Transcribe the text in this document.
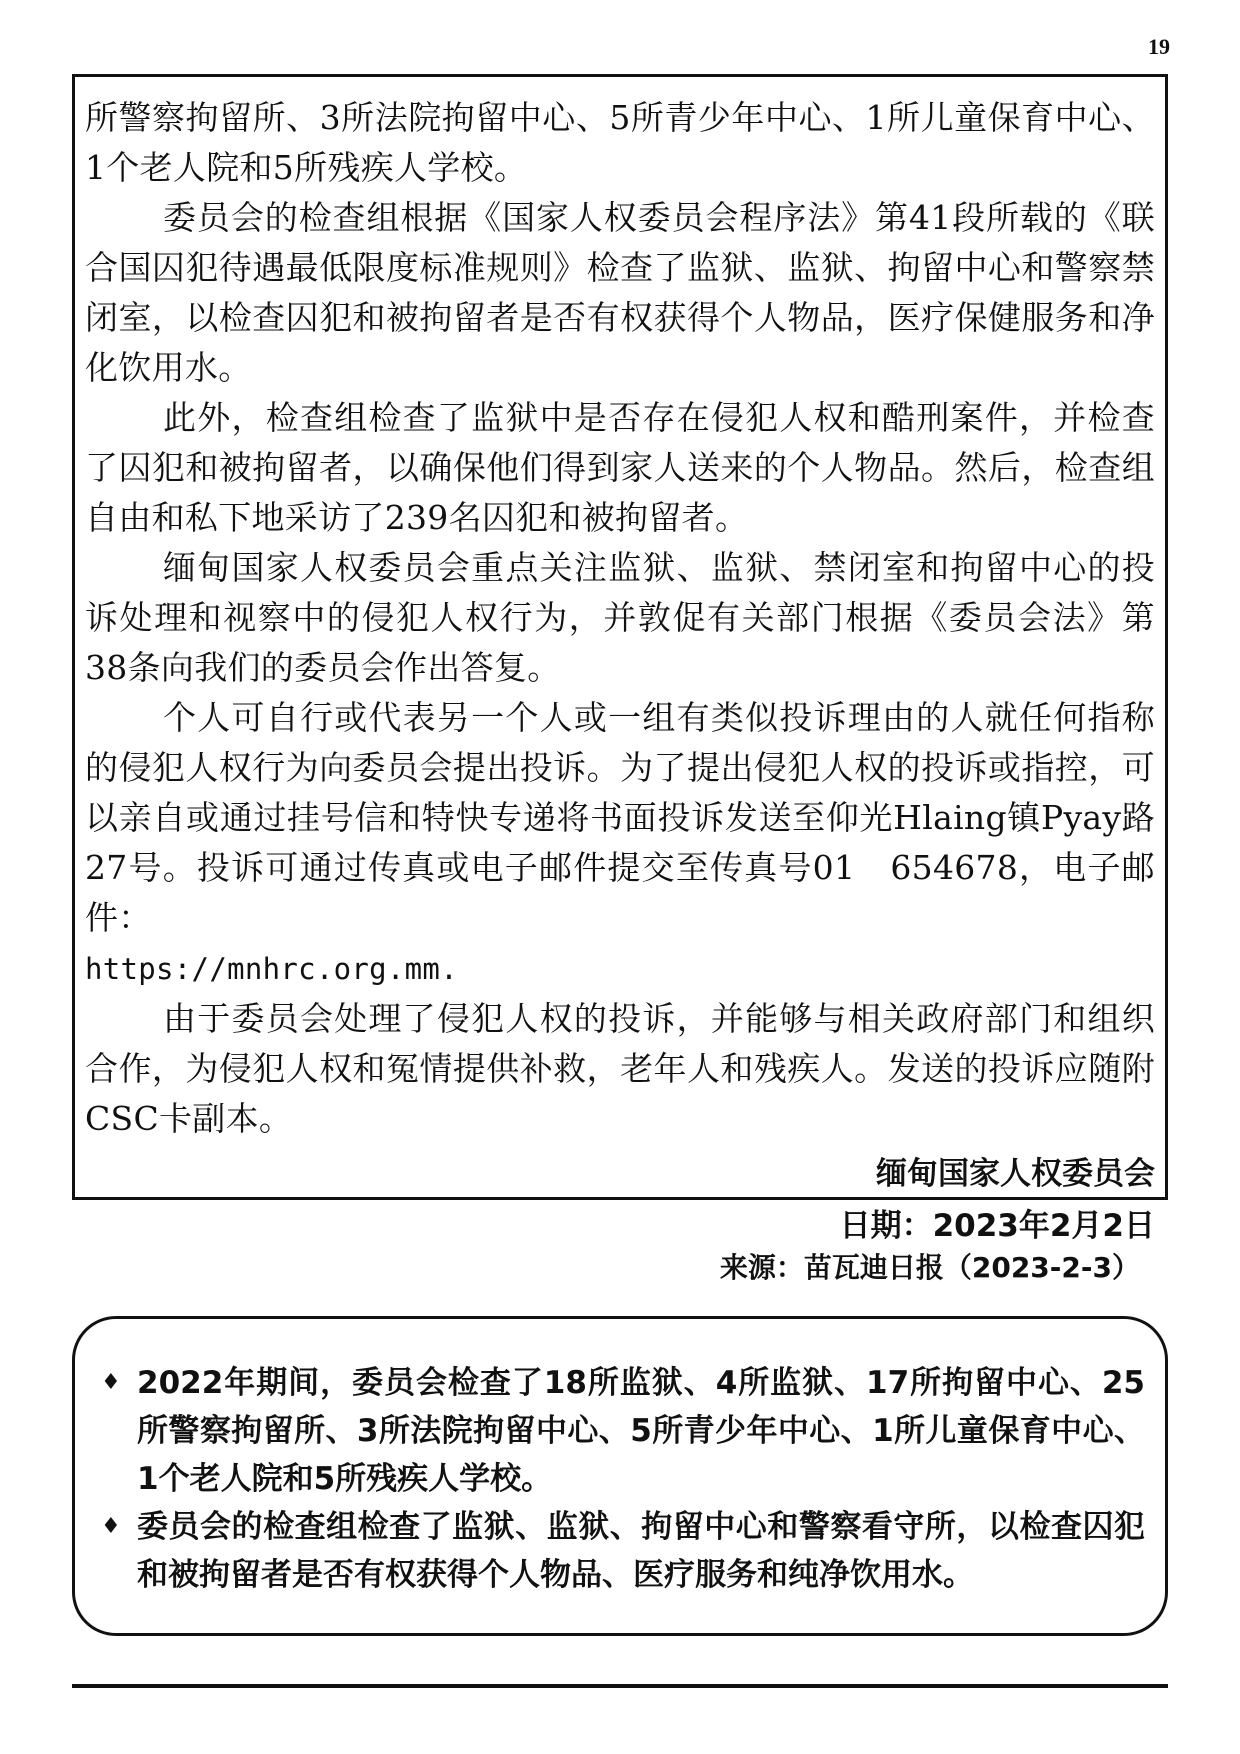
19

所警察拘留所、3所法院拘留中心、5所青少年中心、1所儿童保育中心、1个老人院和5所残疾人学校。

委员会的检查组根据《国家人权委员会程序法》第41段所载的《联合国囚犯待遇最低限度标准规则》检查了监狱、监狱、拘留中心和警察禁闭室，以检查囚犯和被拘留者是否有权获得个人物品，医疗保健服务和净化饮用水。

此外，检查组检查了监狱中是否存在侵犯人权和酷刑案件，并检查了囚犯和被拘留者，以确保他们得到家人送来的个人物品。然后，检查组自由和私下地采访了239名囚犯和被拘留者。

缅甸国家人权委员会重点关注监狱、监狱、禁闭室和拘留中心的投诉处理和视察中的侵犯人权行为，并敦促有关部门根据《委员会法》第38条向我们的委员会作出答复。

个人可自行或代表另一个人或一组有类似投诉理由的人就任何指称的侵犯人权行为向委员会提出投诉。为了提出侵犯人权的投诉或指控，可以亲自或通过挂号信和特快专递将书面投诉发送至仰光Hlaing镇Pyay路27号。投诉可通过传真或电子邮件提交至传真号01　654678，电子邮件：
https://mnhrc.org.mm.

由于委员会处理了侵犯人权的投诉，并能够与相关政府部门和组织合作，为侵犯人权和冤情提供补救，老年人和残疾人。发送的投诉应随附CSC卡副本。

缅甸国家人权委员会
日期：2023年2月2日
来源：苗瓦迪日报（2023-2-3）
♦ 2022年期间，委员会检查了18所监狱、4所监狱、17所拘留中心、25所警察拘留所、3所法院拘留中心、5所青少年中心、1所儿童保育中心、1个老人院和5所残疾人学校。
♦ 委员会的检查组检查了监狱、监狱、拘留中心和警察看守所，以检查囚犯和被拘留者是否有权获得个人物品、医疗服务和纯净饮用水。
